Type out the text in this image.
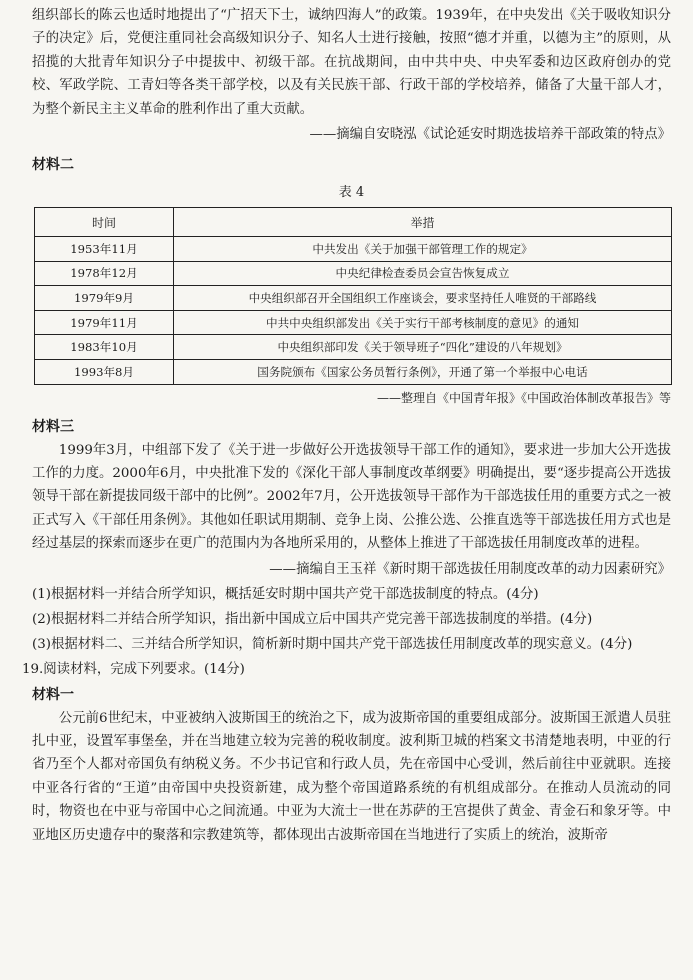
组织部长的陈云也适时地提出了“广招天下士，诚纳四海人”的政策。1939年，在中央发出《关于吸收知识分子的决定》后，党便注重同社会高级知识分子、知名人士进行接触，按照“德才并重，以德为主”的原则，从招揽的大批青年知识分子中提拔中、初级干部。在抗战期间，由中共中央、中央军委和边区政府创办的党校、军政学院、工青妇等各类干部学校，以及有关民族干部、行政干部的学校培养，储备了大量干部人才，为整个新民主主义革命的胜利作出了重大贡献。

——摘编自安晓泓《试论延安时期选拔培养干部政策的特点》

材料二
表 4
时间	举措
1953年11月	中共发出《关于加强干部管理工作的规定》
1978年12月	中央纪律检查委员会宣告恢复成立
1979年9月	中央组织部召开全国组织工作座谈会，要求坚持任人唯贤的干部路线
1979年11月	中共中央组织部发出《关于实行干部考核制度的意见》的通知
1983年10月	中央组织部印发《关于领导班子“四化”建设的八年规划》
1993年8月	国务院颁布《国家公务员暂行条例》，开通了第一个举报中心电话

——整理自《中国青年报》《中国政治体制改革报告》等

材料三

1999年3月，中组部下发了《关于进一步做好公开选拔领导干部工作的通知》，要求进一步加大公开选拔工作的力度。2000年6月，中央批准下发的《深化干部人事制度改革纲要》明确提出，要“逐步提高公开选拔领导干部在新提拔同级干部中的比例”。2002年7月，公开选拔领导干部作为干部选拔任用的重要方式之一被正式写入《干部任用条例》。其他如任职试用期制、竞争上岗、公推公选、公推直选等干部选拔任用方式也是经过基层的探索而逐步在更广的范围内为各地所采用的，从整体上推进了干部选拔任用制度改革的进程。

——摘编自王玉祥《新时期干部选拔任用制度改革的动力因素研究》

(1)根据材料一并结合所学知识，概括延安时期中国共产党干部选拔制度的特点。(4分)

(2)根据材料二并结合所学知识，指出新中国成立后中国共产党完善干部选拔制度的举措。(4分)

(3)根据材料二、三并结合所学知识，简析新时期中国共产党干部选拔任用制度改革的现实意义。(4分)

19.阅读材料，完成下列要求。(14分)

材料一

公元前6世纪末，中亚被纳入波斯国王的统治之下，成为波斯帝国的重要组成部分。波斯国王派遣人员驻扎中亚，设置军事堡垒，并在当地建立较为完善的税收制度。波利斯卫城的档案文书清楚地表明，中亚的行省乃至个人都对帝国负有纳税义务。不少书记官和行政人员，先在帝国中心受训，然后前往中亚就职。连接中亚各行省的“王道”由帝国中央投资新建，成为整个帝国道路系统的有机组成部分。在推动人员流动的同时，物资也在中亚与帝国中心之间流通。中亚为大流士一世在苏萨的王宫提供了黄金、青金石和象牙等。中亚地区历史遗存中的聚落和宗教建筑等，都体现出古波斯帝国在当地进行了实质上的统治，波斯帝
